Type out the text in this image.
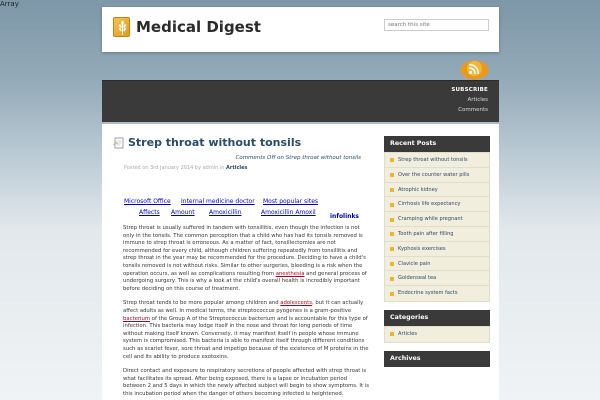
Array
Medical Digest
search this site
SUBSCRIBE
Articles
Comments
Strep throat without tonsils
Comments Off on Strep throat without tonsils
Posted on 3rd January 2014 by admin in Articles
Microsoft Office Internal medicine doctor Most popular sites
Affects Amount Amoxicillin	Amoxicillin Amoxil
infolinks

Strep throat is usually suffered in tandem with tonsillitis, even though the infection is not only in the tonsils. The common perception that a child who has had its tonsils removed is immune to strep throat is erroneous. As a matter of fact, tonsillectomies are not recommended for every child, although children suffering repeatedly from tonsillitis and strep throat in the year may be recommended for the procedure. Deciding to have a child's tonsils removed is not without risks. Similar to other surgeries, bleeding is a risk when the operation occurs, as well as complications resulting from anesthesia and general process of undergoing surgery. This is why a look at the child's overall health is incredibly important before deciding on this course of treatment.

Strep throat tends to be more popular among children and adolescents, but it can actually affect adults as well. In medical terms, the streptococcus pyogenes is a gram-positive bacterium of the Group A of the Streptococcus bacterium and is accountable for this type of infection. This bacteria may lodge itself in the nose and throat for long periods of time without making itself known. Conversely, it may manifest itself in people whose immune system is compromised. This bacteria is able to manifest itself through different conditions such as scarlet fever, sore throat and impetigo because of the existence of M proteins in the cell and its ability to produce exotoxins.

Direct contact and exposure to respiratory secretions of people affected with strep throat is what facilitates its spread. After being exposed, there is a lapse or incubation period between 2 and 5 days in which the newly affected subject will begin to show symptoms. It is this incubation period when the danger of others becoming infected is heightened.

Recent Posts
Strep throat without tonsils
Over the counter water pills
Atrophic kidney
Cirrhosis life expectancy
Cramping while pregnant
Tooth pain after filling
Kyphosis exercises
Clavicle pain
Goldenseal tea
Endocrine system facts
Categories
Articles
Archives
